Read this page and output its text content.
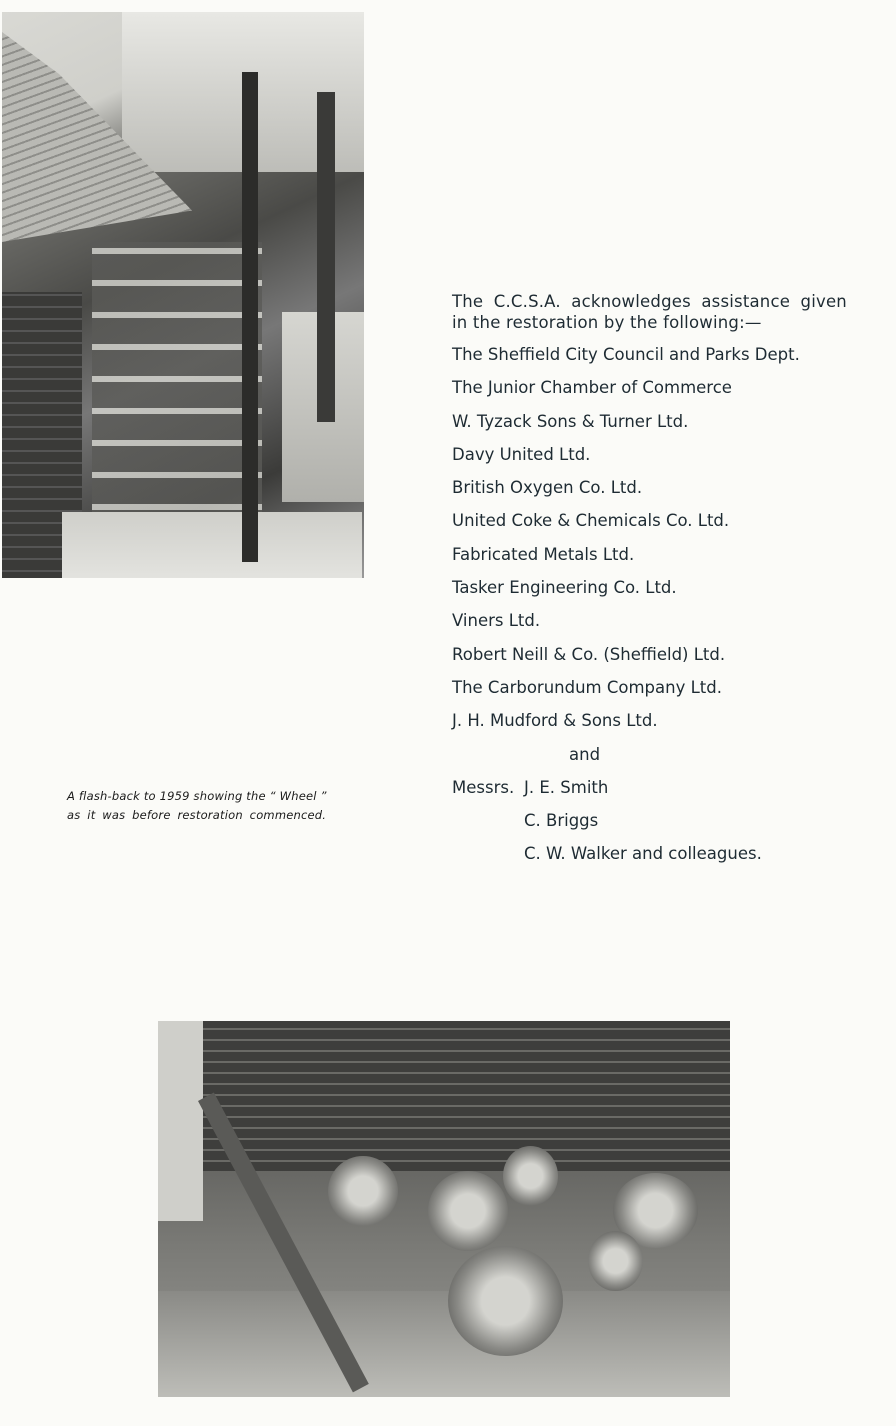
A flash-back to 1959 showing the “ Wheel ”
as it was before restoration commenced.
The C.C.S.A. acknowledges assistance given
in the restoration by the following:—
The Sheffield City Council and Parks Dept.
The Junior Chamber of Commerce
W. Tyzack Sons & Turner Ltd.
Davy United Ltd.
British Oxygen Co. Ltd.
United Coke & Chemicals Co. Ltd.
Fabricated Metals Ltd.
Tasker Engineering Co. Ltd.
Viners Ltd.
Robert Neill & Co. (Sheffield) Ltd.
The Carborundum Company Ltd.
J. H. Mudford & Sons Ltd.
and
Messrs. J. E. Smith
C. Briggs
C. W. Walker and colleagues.
